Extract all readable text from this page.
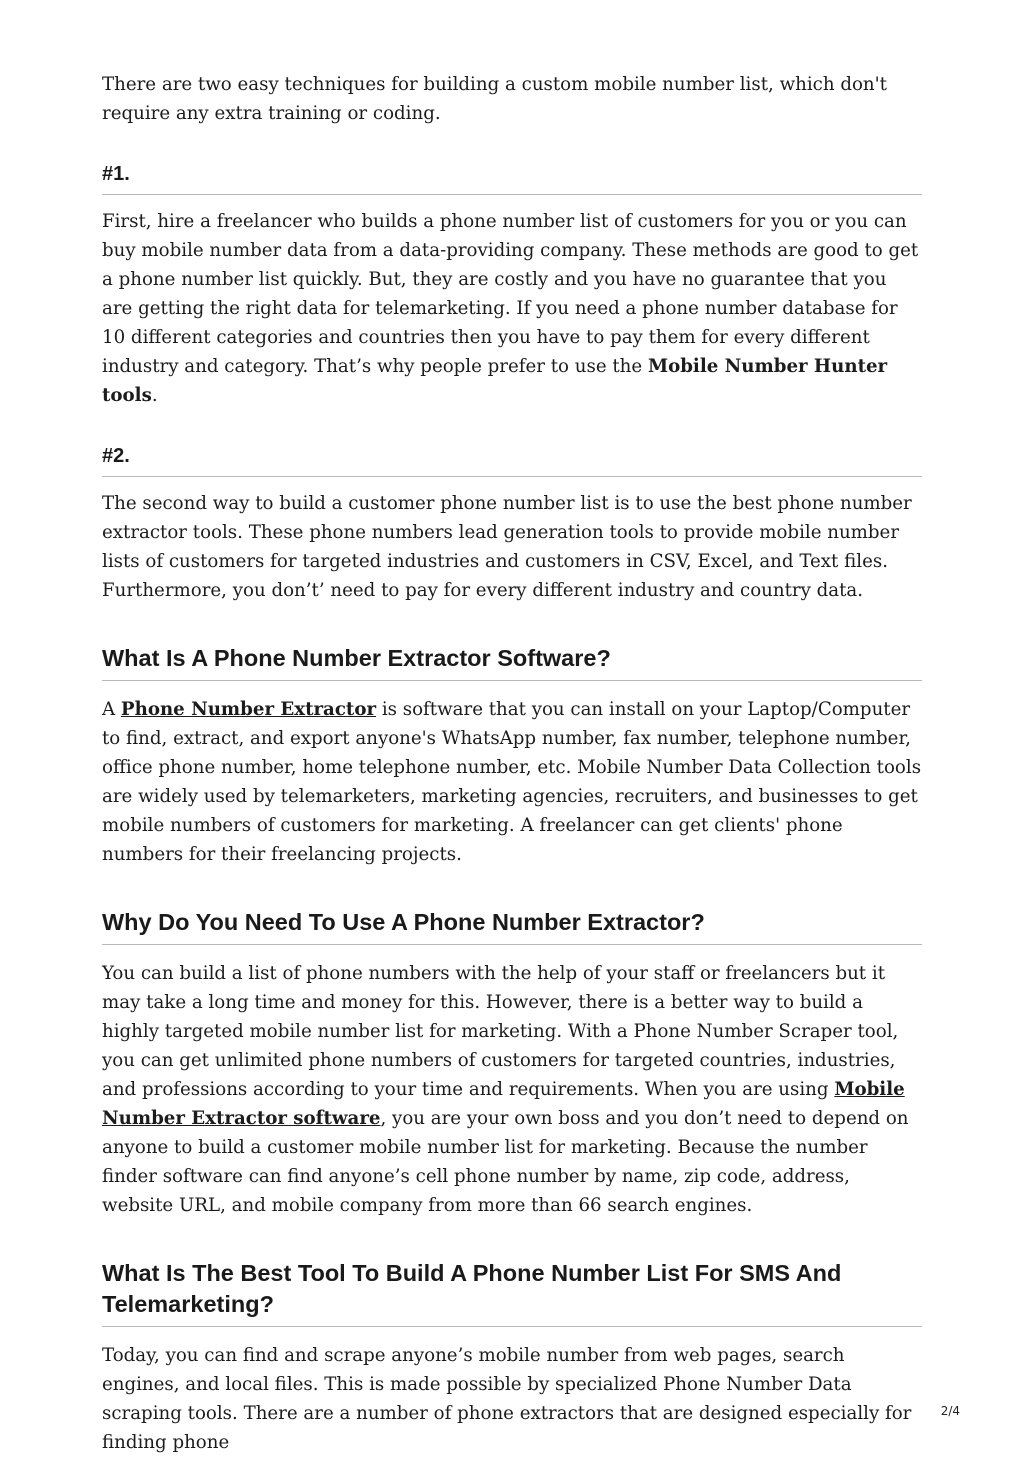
There are two easy techniques for building a custom mobile number list, which don't require any extra training or coding.

#1.

First, hire a freelancer who builds a phone number list of customers for you or you can buy mobile number data from a data-providing company. These methods are good to get a phone number list quickly. But, they are costly and you have no guarantee that you are getting the right data for telemarketing. If you need a phone number database for 10 different categories and countries then you have to pay them for every different industry and category. That’s why people prefer to use the Mobile Number Hunter tools.

#2.

The second way to build a customer phone number list is to use the best phone number extractor tools. These phone numbers lead generation tools to provide mobile number lists of customers for targeted industries and customers in CSV, Excel, and Text files. Furthermore, you don’t’ need to pay for every different industry and country data.

What Is A Phone Number Extractor Software?

A Phone Number Extractor is software that you can install on your Laptop/Computer to find, extract, and export anyone's WhatsApp number, fax number, telephone number, office phone number, home telephone number, etc. Mobile Number Data Collection tools are widely used by telemarketers, marketing agencies, recruiters, and businesses to get mobile numbers of customers for marketing. A freelancer can get clients' phone numbers for their freelancing projects.

Why Do You Need To Use A Phone Number Extractor?

You can build a list of phone numbers with the help of your staff or freelancers but it may take a long time and money for this. However, there is a better way to build a highly targeted mobile number list for marketing. With a Phone Number Scraper tool, you can get unlimited phone numbers of customers for targeted countries, industries, and professions according to your time and requirements. When you are using Mobile Number Extractor software, you are your own boss and you don’t need to depend on anyone to build a customer mobile number list for marketing. Because the number finder software can find anyone’s cell phone number by name, zip code, address, website URL, and mobile company from more than 66 search engines.

What Is The Best Tool To Build A Phone Number List For SMS And Telemarketing?

Today, you can find and scrape anyone’s mobile number from web pages, search engines, and local files. This is made possible by specialized Phone Number Data scraping tools. There are a number of phone extractors that are designed especially for finding phone

2/4
